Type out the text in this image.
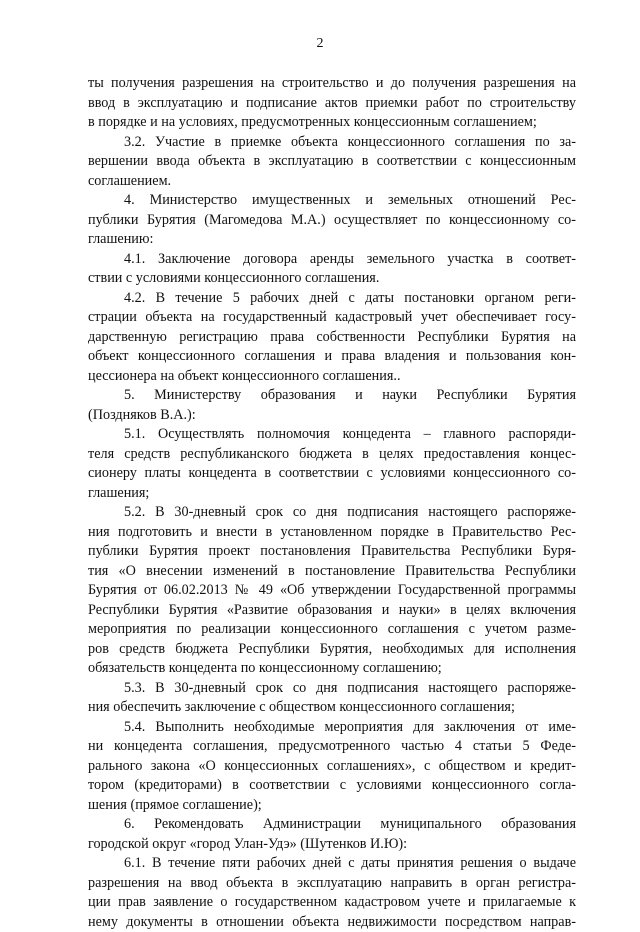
2
ты получения разрешения на строительство и до получения разрешения на
ввод в эксплуатацию и подписание актов приемки работ по строительству
в порядке и на условиях, предусмотренных концессионным соглашением;
3.2. Участие в приемке объекта концессионного соглашения по за-
вершении ввода объекта в эксплуатацию в соответствии с концессионным
соглашением.
4. Министерство имущественных и земельных отношений Рес-
публики Бурятия (Магомедова М.А.) осуществляет по концессионному со-
глашению:
4.1. Заключение договора аренды земельного участка в соответ-
ствии с условиями концессионного соглашения.
4.2. В течение 5 рабочих дней с даты постановки органом реги-
страции объекта на государственный кадастровый учет обеспечивает госу-
дарственную регистрацию права собственности Республики Бурятия на
объект концессионного соглашения и права владения и пользования кон-
цессионера на объект концессионного соглашения..
5. Министерству образования и науки Республики Бурятия
(Поздняков В.А.):
5.1. Осуществлять полномочия концедента – главного распоряди-
теля средств республиканского бюджета в целях предоставления концес-
сионеру платы концедента в соответствии с условиями концессионного со-
глашения;
5.2. В 30-дневный срок со дня подписания настоящего распоряже-
ния подготовить и внести в установленном порядке в Правительство Рес-
публики Бурятия проект постановления Правительства Республики Буря-
тия «О внесении изменений в постановление Правительства Республики
Бурятия от 06.02.2013 № 49 «Об утверждении Государственной программы
Республики Бурятия «Развитие образования и науки» в целях включения
мероприятия по реализации концессионного соглашения с учетом разме-
ров средств бюджета Республики Бурятия, необходимых для исполнения
обязательств концедента по концессионному соглашению;
5.3. В 30-дневный срок со дня подписания настоящего распоряже-
ния обеспечить заключение с обществом концессионного соглашения;
5.4. Выполнить необходимые мероприятия для заключения от име-
ни концедента соглашения, предусмотренного частью 4 статьи 5 Феде-
рального закона «О концессионных соглашениях», с обществом и кредит-
тором (кредиторами) в соответствии с условиями концессионного согла-
шения (прямое соглашение);
6. Рекомендовать Администрации муниципального образования
городской округ «город Улан-Удэ» (Шутенков И.Ю):
6.1. В течение пяти рабочих дней с даты принятия решения о выдаче
разрешения на ввод объекта в эксплуатацию направить в орган регистра-
ции прав заявление о государственном кадастровом учете и прилагаемые к
нему документы в отношении объекта недвижимости посредством направ-
